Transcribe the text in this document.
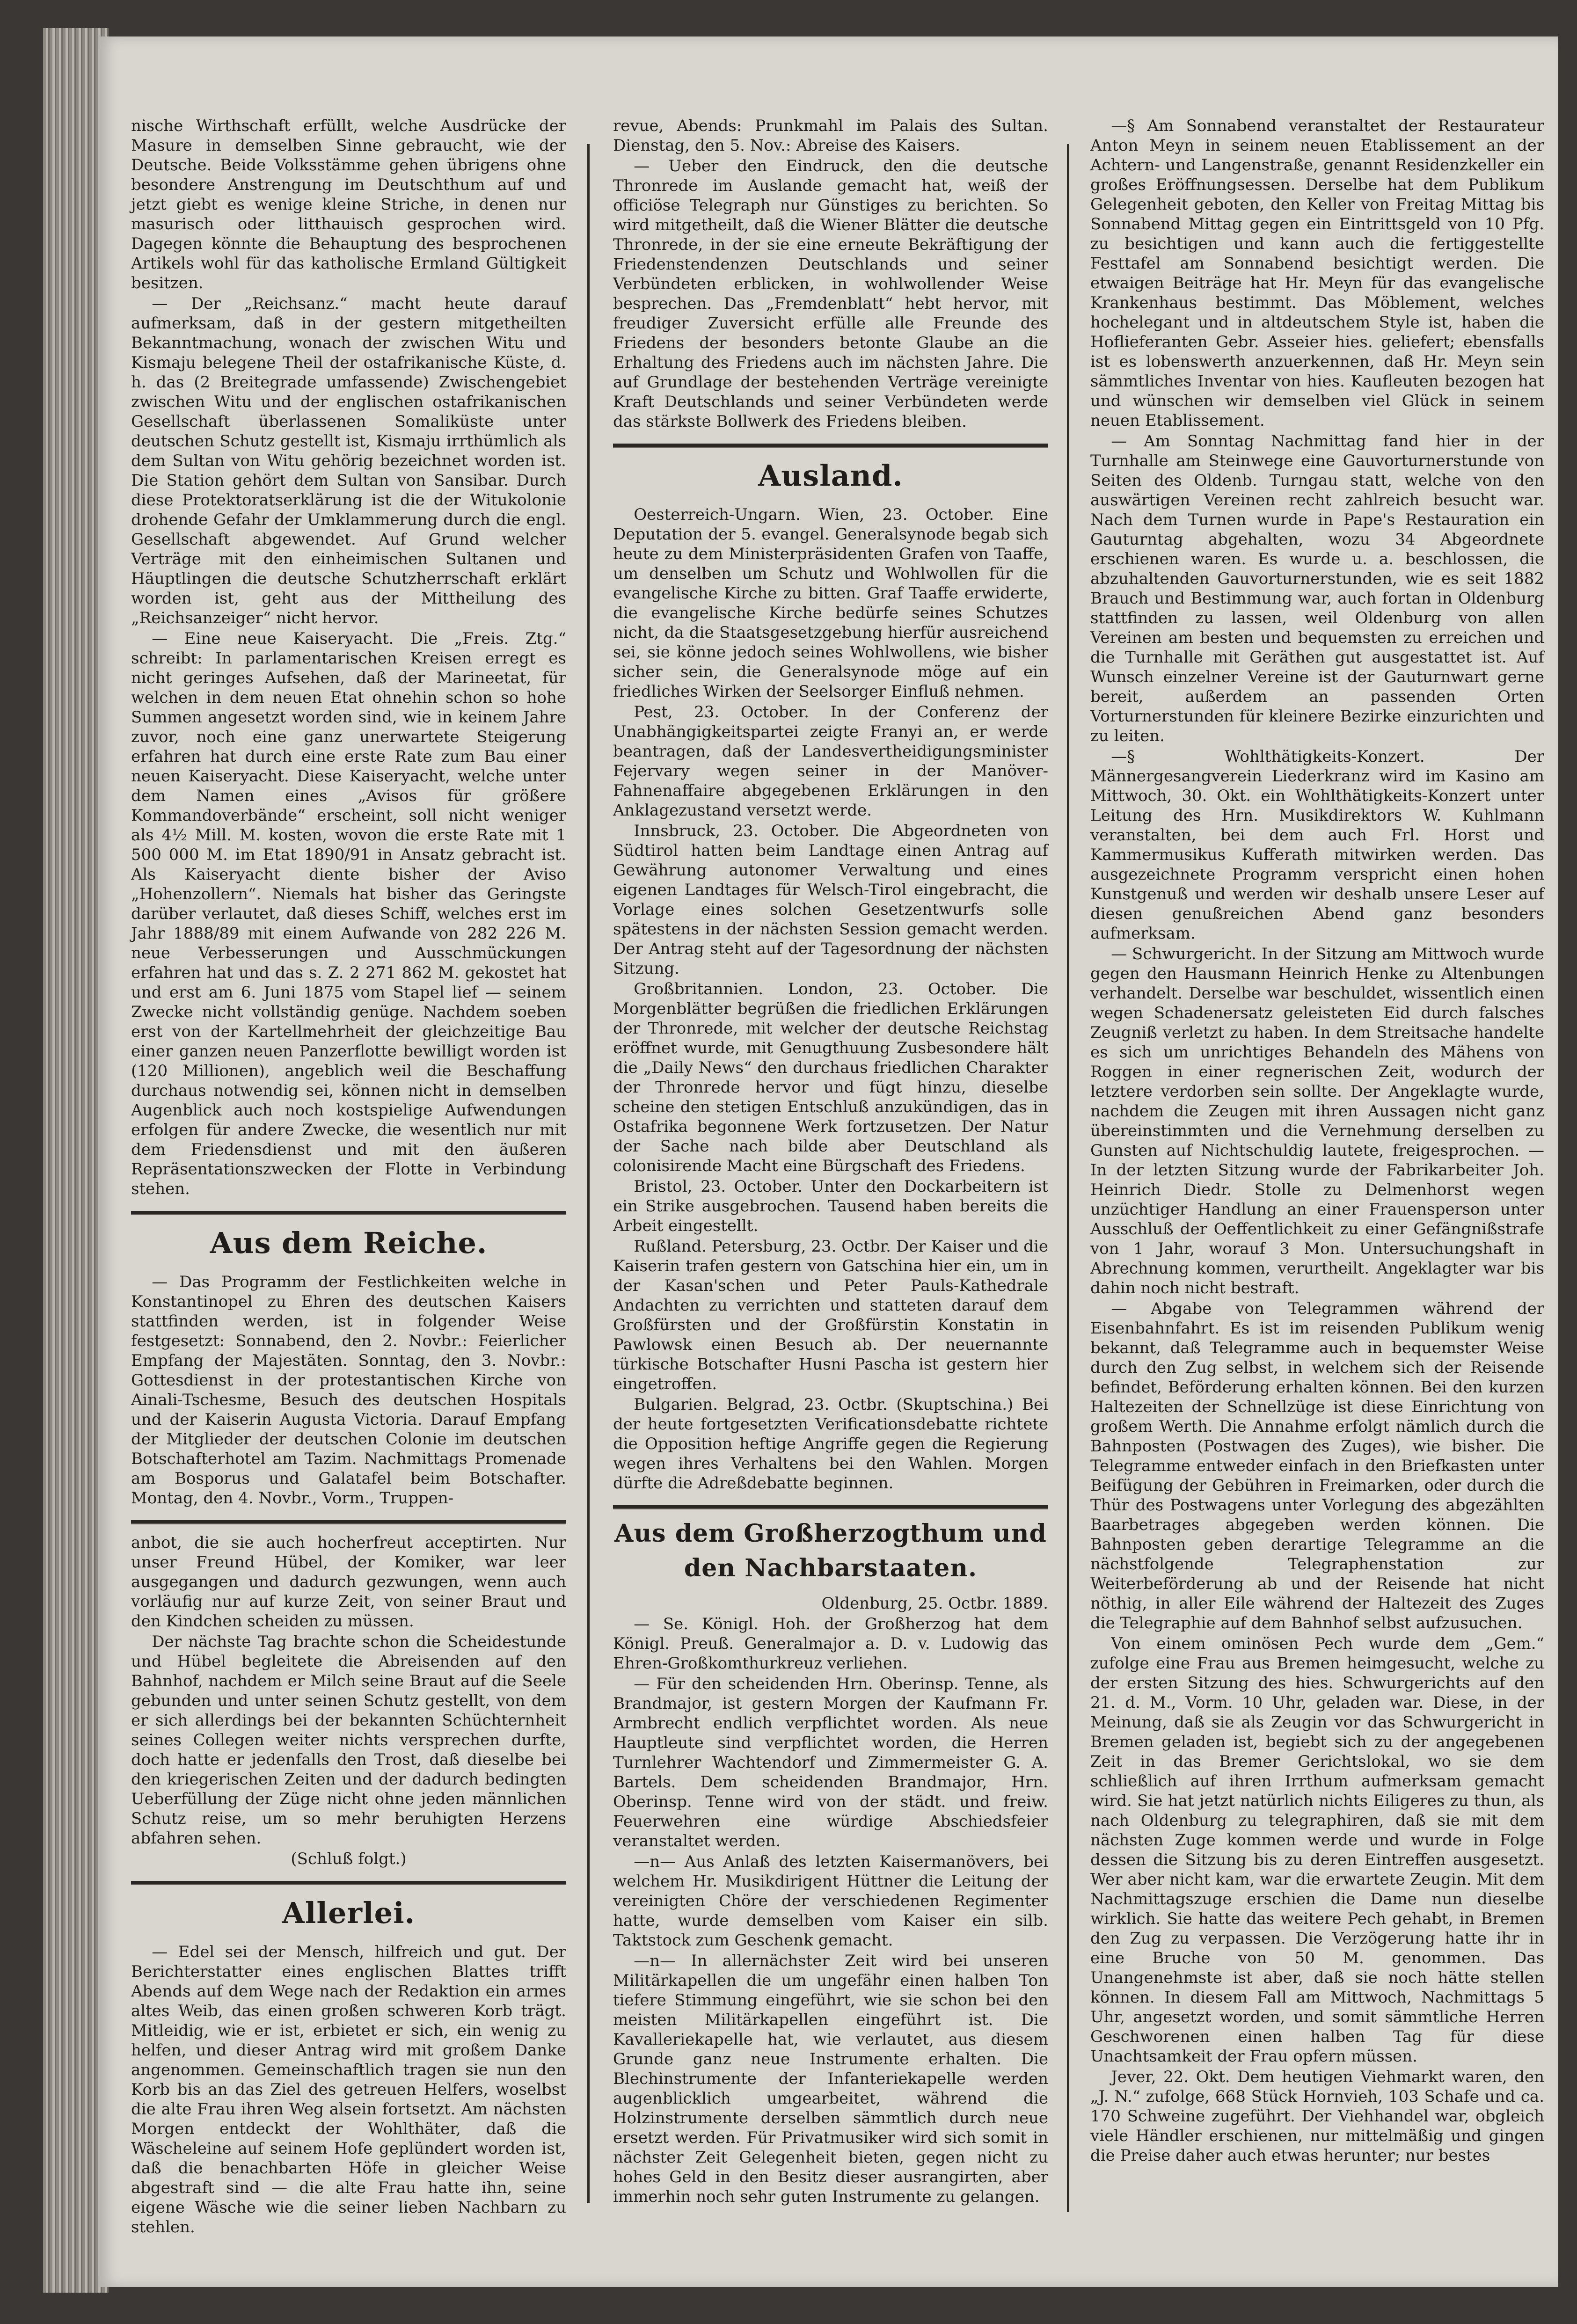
nische Wirthschaft erfüllt, welche Ausdrücke der Masure in demselben Sinne gebraucht, wie der Deutsche. Beide Volksstämme gehen übrigens ohne besondere Anstrengung im Deutschthum auf und jetzt giebt es wenige kleine Striche, in denen nur masurisch oder litthauisch gesprochen wird. Dagegen könnte die Behauptung des besprochenen Artikels wohl für das katholische Ermland Gültigkeit besitzen.

— Der „Reichsanz.“ macht heute darauf aufmerksam, daß in der gestern mitgetheilten Bekanntmachung, wonach der zwischen Witu und Kismaju belegene Theil der ostafrikanische Küste, d. h. das (2 Breitegrade umfassende) Zwischengebiet zwischen Witu und der englischen ostafrikanischen Gesellschaft überlassenen Somaliküste unter deutschen Schutz gestellt ist, Kismaju irrthümlich als dem Sultan von Witu gehörig bezeichnet worden ist. Die Station gehört dem Sultan von Sansibar. Durch diese Protektoratserklärung ist die der Witukolonie drohende Gefahr der Umklammerung durch die engl. Gesellschaft abgewendet. Auf Grund welcher Verträge mit den einheimischen Sultanen und Häuptlingen die deutsche Schutzherrschaft erklärt worden ist, geht aus der Mittheilung des „Reichsanzeiger“ nicht hervor.

— Eine neue Kaiseryacht. Die „Freis. Ztg.“ schreibt: In parlamentarischen Kreisen erregt es nicht geringes Aufsehen, daß der Marineetat, für welchen in dem neuen Etat ohnehin schon so hohe Summen angesetzt worden sind, wie in keinem Jahre zuvor, noch eine ganz unerwartete Steigerung erfahren hat durch eine erste Rate zum Bau einer neuen Kaiseryacht. Diese Kaiseryacht, welche unter dem Namen eines „Avisos für größere Kommandoverbände“ erscheint, soll nicht weniger als 4½ Mill. M. kosten, wovon die erste Rate mit 1 500 000 M. im Etat 1890/91 in Ansatz gebracht ist. Als Kaiseryacht diente bisher der Aviso „Hohenzollern“. Niemals hat bisher das Geringste darüber verlautet, daß dieses Schiff, welches erst im Jahr 1888/89 mit einem Aufwande von 282 226 M. neue Verbesserungen und Ausschmückungen erfahren hat und das s. Z. 2 271 862 M. gekostet hat und erst am 6. Juni 1875 vom Stapel lief — seinem Zwecke nicht vollständig genüge. Nachdem soeben erst von der Kartellmehrheit der gleichzeitige Bau einer ganzen neuen Panzerflotte bewilligt worden ist (120 Millionen), angeblich weil die Beschaffung durchaus notwendig sei, können nicht in demselben Augenblick auch noch kostspielige Aufwendungen erfolgen für andere Zwecke, die wesentlich nur mit dem Friedensdienst und mit den äußeren Repräsentationszwecken der Flotte in Verbindung stehen.

Aus dem Reiche.

— Das Programm der Festlichkeiten welche in Konstantinopel zu Ehren des deutschen Kaisers stattfinden werden, ist in folgender Weise festgesetzt: Sonnabend, den 2. Novbr.: Feierlicher Empfang der Majestäten. Sonntag, den 3. Novbr.: Gottesdienst in der protestantischen Kirche von Ainali-Tschesme, Besuch des deutschen Hospitals und der Kaiserin Augusta Victoria. Darauf Empfang der Mitglieder der deutschen Colonie im deutschen Botschafterhotel am Tazim. Nachmittags Promenade am Bosporus und Galatafel beim Botschafter. Montag, den 4. Novbr., Vorm., Truppen-

anbot, die sie auch hocherfreut acceptirten. Nur unser Freund Hübel, der Komiker, war leer ausgegangen und dadurch gezwungen, wenn auch vorläufig nur auf kurze Zeit, von seiner Braut und den Kindchen scheiden zu müssen.

Der nächste Tag brachte schon die Scheidestunde und Hübel begleitete die Abreisenden auf den Bahnhof, nachdem er Milch seine Braut auf die Seele gebunden und unter seinen Schutz gestellt, von dem er sich allerdings bei der bekannten Schüchternheit seines Collegen weiter nichts versprechen durfte, doch hatte er jedenfalls den Trost, daß dieselbe bei den kriegerischen Zeiten und der dadurch bedingten Ueberfüllung der Züge nicht ohne jeden männlichen Schutz reise, um so mehr beruhigten Herzens abfahren sehen.

(Schluß folgt.)

Allerlei.

— Edel sei der Mensch, hilfreich und gut. Der Berichterstatter eines englischen Blattes trifft Abends auf dem Wege nach der Redaktion ein armes altes Weib, das einen großen schweren Korb trägt. Mitleidig, wie er ist, erbietet er sich, ein wenig zu helfen, und dieser Antrag wird mit großem Danke angenommen. Gemeinschaftlich tragen sie nun den Korb bis an das Ziel des getreuen Helfers, woselbst die alte Frau ihren Weg alsein fortsetzt. Am nächsten Morgen entdeckt der Wohlthäter, daß die Wäscheleine auf seinem Hofe geplündert worden ist, daß die benachbarten Höfe in gleicher Weise abgestraft sind — die alte Frau hatte ihn, seine eigene Wäsche wie die seiner lieben Nachbarn zu stehlen.

revue, Abends: Prunkmahl im Palais des Sultan. Dienstag, den 5. Nov.: Abreise des Kaisers.

— Ueber den Eindruck, den die deutsche Thronrede im Auslande gemacht hat, weiß der officiöse Telegraph nur Günstiges zu berichten. So wird mitgetheilt, daß die Wiener Blätter die deutsche Thronrede, in der sie eine erneute Bekräftigung der Friedenstendenzen Deutschlands und seiner Verbündeten erblicken, in wohlwollender Weise besprechen. Das „Fremdenblatt“ hebt hervor, mit freudiger Zuversicht erfülle alle Freunde des Friedens der besonders betonte Glaube an die Erhaltung des Friedens auch im nächsten Jahre. Die auf Grundlage der bestehenden Verträge vereinigte Kraft Deutschlands und seiner Verbündeten werde das stärkste Bollwerk des Friedens bleiben.

Ausland.

Oesterreich-Ungarn. Wien, 23. October. Eine Deputation der 5. evangel. Generalsynode begab sich heute zu dem Ministerpräsidenten Grafen von Taaffe, um denselben um Schutz und Wohlwollen für die evangelische Kirche zu bitten. Graf Taaffe erwiderte, die evangelische Kirche bedürfe seines Schutzes nicht, da die Staatsgesetzgebung hierfür ausreichend sei, sie könne jedoch seines Wohlwollens, wie bisher sicher sein, die Generalsynode möge auf ein friedliches Wirken der Seelsorger Einfluß nehmen.

Pest, 23. October. In der Conferenz der Unabhängigkeitspartei zeigte Franyi an, er werde beantragen, daß der Landesvertheidigungsminister Fejervary wegen seiner in der Manöver-Fahnenaffaire abgegebenen Erklärungen in den Anklagezustand versetzt werde.

Innsbruck, 23. October. Die Abgeordneten von Südtirol hatten beim Landtage einen Antrag auf Gewährung autonomer Verwaltung und eines eigenen Landtages für Welsch-Tirol eingebracht, die Vorlage eines solchen Gesetzentwurfs solle spätestens in der nächsten Session gemacht werden. Der Antrag steht auf der Tagesordnung der nächsten Sitzung.

Großbritannien. London, 23. October. Die Morgenblätter begrüßen die friedlichen Erklärungen der Thronrede, mit welcher der deutsche Reichstag eröffnet wurde, mit Genugthuung Zusbesondere hält die „Daily News“ den durchaus friedlichen Charakter der Thronrede hervor und fügt hinzu, dieselbe scheine den stetigen Entschluß anzukündigen, das in Ostafrika begonnene Werk fortzusetzen. Der Natur der Sache nach bilde aber Deutschland als colonisirende Macht eine Bürgschaft des Friedens.

Bristol, 23. October. Unter den Dockarbeitern ist ein Strike ausgebrochen. Tausend haben bereits die Arbeit eingestellt.

Rußland. Petersburg, 23. Octbr. Der Kaiser und die Kaiserin trafen gestern von Gatschina hier ein, um in der Kasan'schen und Peter Pauls-Kathedrale Andachten zu verrichten und statteten darauf dem Großfürsten und der Großfürstin Konstatin in Pawlowsk einen Besuch ab. Der neuernannte türkische Botschafter Husni Pascha ist gestern hier eingetroffen.

Bulgarien. Belgrad, 23. Octbr. (Skuptschina.) Bei der heute fortgesetzten Verificationsdebatte richtete die Opposition heftige Angriffe gegen die Regierung wegen ihres Verhaltens bei den Wahlen. Morgen dürfte die Adreßdebatte beginnen.

Aus dem Großherzogthum und
den Nachbarstaaten.

Oldenburg, 25. Octbr. 1889.

— Se. Königl. Hoh. der Großherzog hat dem Königl. Preuß. Generalmajor a. D. v. Ludowig das Ehren-Großkomthurkreuz verliehen.

— Für den scheidenden Hrn. Oberinsp. Tenne, als Brandmajor, ist gestern Morgen der Kaufmann Fr. Armbrecht endlich verpflichtet worden. Als neue Hauptleute sind verpflichtet worden, die Herren Turnlehrer Wachtendorf und Zimmermeister G. A. Bartels. Dem scheidenden Brandmajor, Hrn. Oberinsp. Tenne wird von der städt. und freiw. Feuerwehren eine würdige Abschiedsfeier veranstaltet werden.

—n— Aus Anlaß des letzten Kaisermanövers, bei welchem Hr. Musikdirigent Hüttner die Leitung der vereinigten Chöre der verschiedenen Regimenter hatte, wurde demselben vom Kaiser ein silb. Taktstock zum Geschenk gemacht.

—n— In allernächster Zeit wird bei unseren Militärkapellen die um ungefähr einen halben Ton tiefere Stimmung eingeführt, wie sie schon bei den meisten Militärkapellen eingeführt ist. Die Kavalleriekapelle hat, wie verlautet, aus diesem Grunde ganz neue Instrumente erhalten. Die Blechinstrumente der Infanteriekapelle werden augenblicklich umgearbeitet, während die Holzinstrumente derselben sämmtlich durch neue ersetzt werden. Für Privatmusiker wird sich somit in nächster Zeit Gelegenheit bieten, gegen nicht zu hohes Geld in den Besitz dieser ausrangirten, aber immerhin noch sehr guten Instrumente zu gelangen.

—§ Am Sonnabend veranstaltet der Restaurateur Anton Meyn in seinem neuen Etablissement an der Achtern- und Langenstraße, genannt Residenzkeller ein großes Eröffnungsessen. Derselbe hat dem Publikum Gelegenheit geboten, den Keller von Freitag Mittag bis Sonnabend Mittag gegen ein Eintrittsgeld von 10 Pfg. zu besichtigen und kann auch die fertiggestellte Festtafel am Sonnabend besichtigt werden. Die etwaigen Beiträge hat Hr. Meyn für das evangelische Krankenhaus bestimmt. Das Möblement, welches hochelegant und in altdeutschem Style ist, haben die Hoflieferanten Gebr. Asseier hies. geliefert; ebensfalls ist es lobenswerth anzuerkennen, daß Hr. Meyn sein sämmtliches Inventar von hies. Kaufleuten bezogen hat und wünschen wir demselben viel Glück in seinem neuen Etablissement.

— Am Sonntag Nachmittag fand hier in der Turnhalle am Steinwege eine Gauvorturnerstunde von Seiten des Oldenb. Turngau statt, welche von den auswärtigen Vereinen recht zahlreich besucht war. Nach dem Turnen wurde in Pape's Restauration ein Gauturntag abgehalten, wozu 34 Abgeordnete erschienen waren. Es wurde u. a. beschlossen, die abzuhaltenden Gauvorturnerstunden, wie es seit 1882 Brauch und Bestimmung war, auch fortan in Oldenburg stattfinden zu lassen, weil Oldenburg von allen Vereinen am besten und bequemsten zu erreichen und die Turnhalle mit Geräthen gut ausgestattet ist. Auf Wunsch einzelner Vereine ist der Gauturnwart gerne bereit, außerdem an passenden Orten Vorturnerstunden für kleinere Bezirke einzurichten und zu leiten.

—§ Wohlthätigkeits-Konzert. Der Männergesangverein Liederkranz wird im Kasino am Mittwoch, 30. Okt. ein Wohlthätigkeits-Konzert unter Leitung des Hrn. Musikdirektors W. Kuhlmann veranstalten, bei dem auch Frl. Horst und Kammermusikus Kufferath mitwirken werden. Das ausgezeichnete Programm verspricht einen hohen Kunstgenuß und werden wir deshalb unsere Leser auf diesen genußreichen Abend ganz besonders aufmerksam.

— Schwurgericht. In der Sitzung am Mittwoch wurde gegen den Hausmann Heinrich Henke zu Altenbungen verhandelt. Derselbe war beschuldet, wissentlich einen wegen Schadenersatz geleisteten Eid durch falsches Zeugniß verletzt zu haben. In dem Streitsache handelte es sich um unrichtiges Behandeln des Mähens von Roggen in einer regnerischen Zeit, wodurch der letztere verdorben sein sollte. Der Angeklagte wurde, nachdem die Zeugen mit ihren Aussagen nicht ganz übereinstimmten und die Vernehmung derselben zu Gunsten auf Nichtschuldig lautete, freigesprochen. — In der letzten Sitzung wurde der Fabrikarbeiter Joh. Heinrich Diedr. Stolle zu Delmenhorst wegen unzüchtiger Handlung an einer Frauensperson unter Ausschluß der Oeffentlichkeit zu einer Gefängnißstrafe von 1 Jahr, worauf 3 Mon. Untersuchungshaft in Abrechnung kommen, verurtheilt. Angeklagter war bis dahin noch nicht bestraft.

— Abgabe von Telegrammen während der Eisenbahnfahrt. Es ist im reisenden Publikum wenig bekannt, daß Telegramme auch in bequemster Weise durch den Zug selbst, in welchem sich der Reisende befindet, Beförderung erhalten können. Bei den kurzen Haltezeiten der Schnellzüge ist diese Einrichtung von großem Werth. Die Annahme erfolgt nämlich durch die Bahnposten (Postwagen des Zuges), wie bisher. Die Telegramme entweder einfach in den Briefkasten unter Beifügung der Gebühren in Freimarken, oder durch die Thür des Postwagens unter Vorlegung des abgezählten Baarbetrages abgegeben werden können. Die Bahnposten geben derartige Telegramme an die nächstfolgende Telegraphenstation zur Weiterbeförderung ab und der Reisende hat nicht nöthig, in aller Eile während der Haltezeit des Zuges die Telegraphie auf dem Bahnhof selbst aufzusuchen.

Von einem ominösen Pech wurde dem „Gem.“ zufolge eine Frau aus Bremen heimgesucht, welche zu der ersten Sitzung des hies. Schwurgerichts auf den 21. d. M., Vorm. 10 Uhr, geladen war. Diese, in der Meinung, daß sie als Zeugin vor das Schwurgericht in Bremen geladen ist, begiebt sich zu der angegebenen Zeit in das Bremer Gerichtslokal, wo sie dem schließlich auf ihren Irrthum aufmerksam gemacht wird. Sie hat jetzt natürlich nichts Eiligeres zu thun, als nach Oldenburg zu telegraphiren, daß sie mit dem nächsten Zuge kommen werde und wurde in Folge dessen die Sitzung bis zu deren Eintreffen ausgesetzt. Wer aber nicht kam, war die erwartete Zeugin. Mit dem Nachmittagszuge erschien die Dame nun dieselbe wirklich. Sie hatte das weitere Pech gehabt, in Bremen den Zug zu verpassen. Die Verzögerung hatte ihr in eine Bruche von 50 M. genommen. Das Unangenehmste ist aber, daß sie noch hätte stellen können. In diesem Fall am Mittwoch, Nachmittags 5 Uhr, angesetzt worden, und somit sämmtliche Herren Geschworenen einen halben Tag für diese Unachtsamkeit der Frau opfern müssen.

Jever, 22. Okt. Dem heutigen Viehmarkt waren, den „J. N.“ zufolge, 668 Stück Hornvieh, 103 Schafe und ca. 170 Schweine zugeführt. Der Viehhandel war, obgleich viele Händler erschienen, nur mittelmäßig und gingen die Preise daher auch etwas herunter; nur bestes
